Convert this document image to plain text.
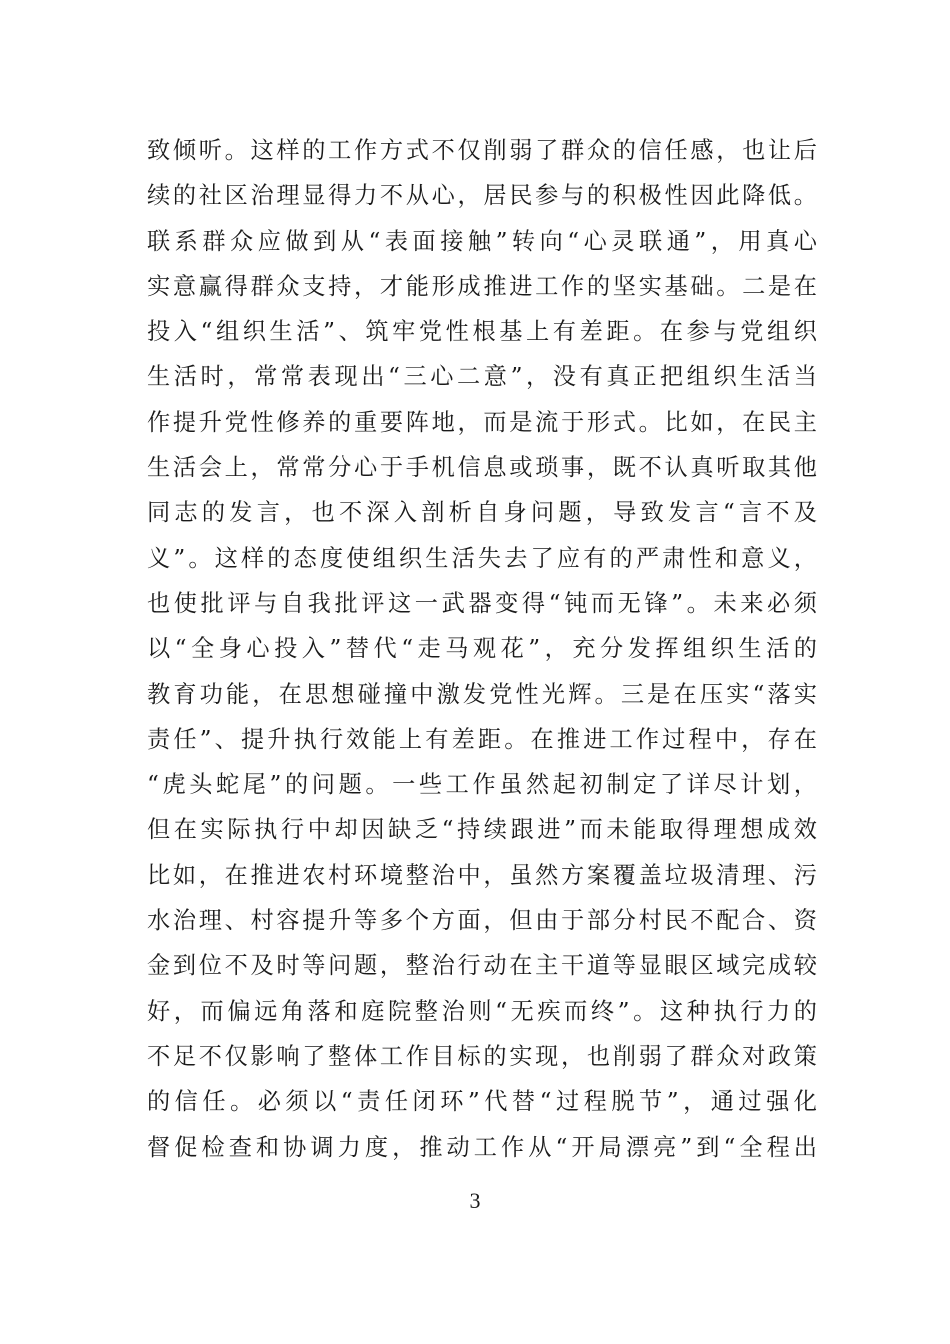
致倾听。这样的工作方式不仅削弱了群众的信任感，也让后
续的社区治理显得力不从心，居民参与的积极性因此降低。
联系群众应做到从“表面接触”转向“心灵联通”，用真心
实意赢得群众支持，才能形成推进工作的坚实基础。二是在
投入“组织生活”、筑牢党性根基上有差距。在参与党组织
生活时，常常表现出“三心二意”，没有真正把组织生活当
作提升党性修养的重要阵地，而是流于形式。比如，在民主
生活会上，常常分心于手机信息或琐事，既不认真听取其他
同志的发言，也不深入剖析自身问题，导致发言“言不及
义”。这样的态度使组织生活失去了应有的严肃性和意义，
也使批评与自我批评这一武器变得“钝而无锋”。未来必须
以“全身心投入”替代“走马观花”，充分发挥组织生活的
教育功能，在思想碰撞中激发党性光辉。三是在压实“落实
责任”、提升执行效能上有差距。在推进工作过程中，存在
“虎头蛇尾”的问题。一些工作虽然起初制定了详尽计划，
但在实际执行中却因缺乏“持续跟进”而未能取得理想成效
比如，在推进农村环境整治中，虽然方案覆盖垃圾清理、污
水治理、村容提升等多个方面，但由于部分村民不配合、资
金到位不及时等问题，整治行动在主干道等显眼区域完成较
好，而偏远角落和庭院整治则“无疾而终”。这种执行力的
不足不仅影响了整体工作目标的实现，也削弱了群众对政策
的信任。必须以“责任闭环”代替“过程脱节”，通过强化
督促检查和协调力度，推动工作从“开局漂亮”到“全程出
3
